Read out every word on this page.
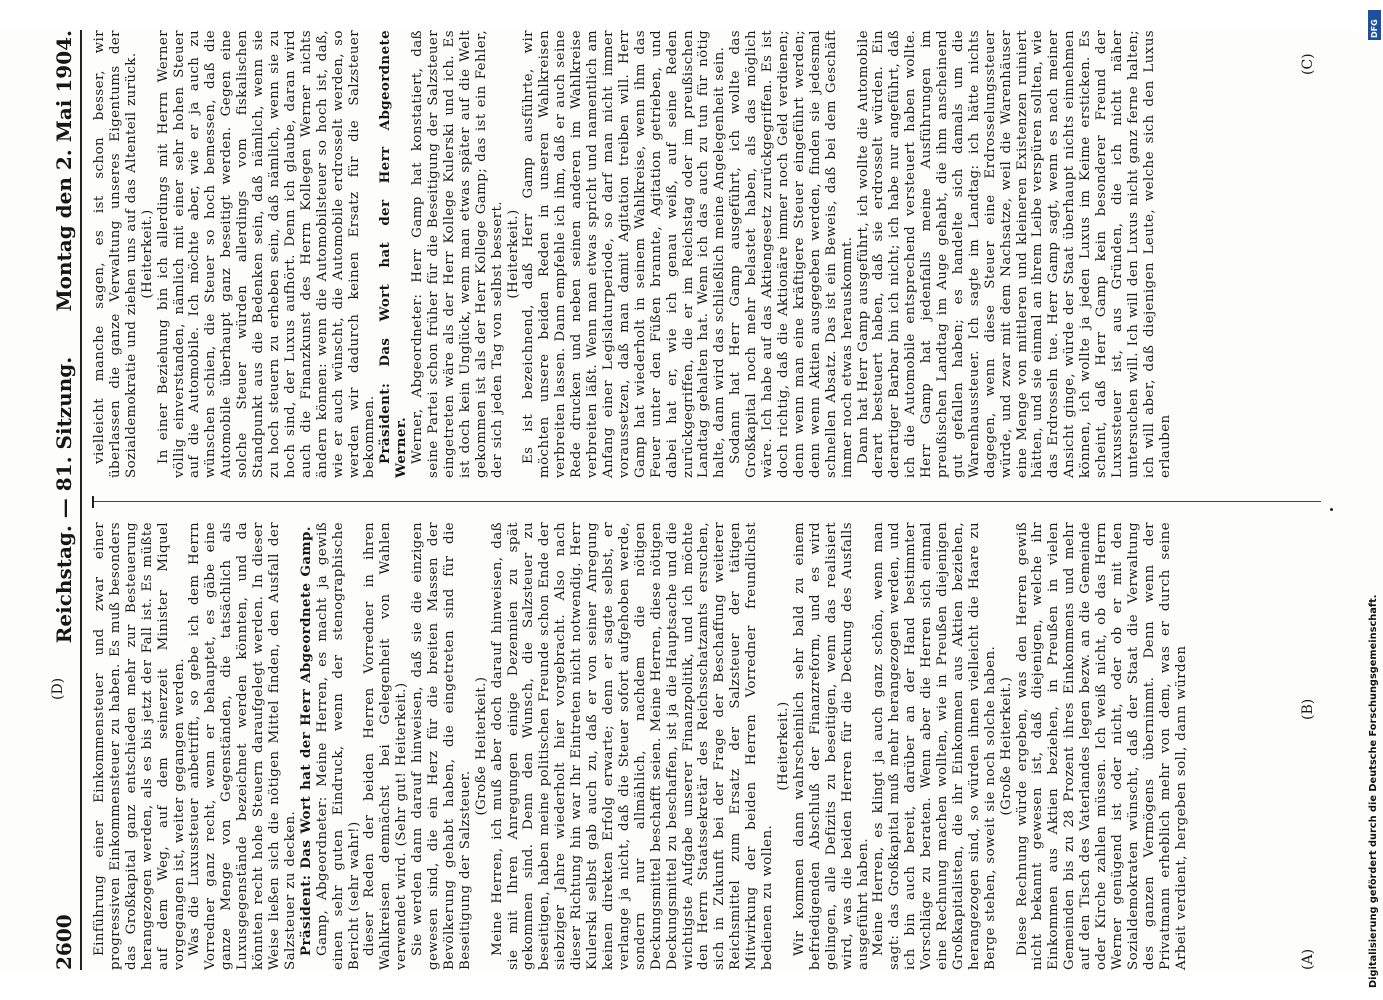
2600
Reichstag. — 81. Sitzung.
Montag den 2. Mai 1904.

Einführung einer Einkommensteuer und zwar einer progressiven Einkommensteuer zu haben. Es muß besonders das Großkapital ganz entschieden mehr zur Besteuerung herangezogen werden, als es bis jetzt der Fall ist. Es müßte auf dem Weg, auf dem seinerzeit Minister Miquel vorgegangen ist, weiter gegangen werden. Was die Luxussteuer anbetrifft, so gebe ich dem Herrn Vorredner ganz recht, wenn er behauptet, es gäbe eine ganze Menge von Gegenständen, die tatsächlich als Luxusgegenstände bezeichnet werden könnten, und da könnten recht hohe Steuern daraufgelegt werden. In dieser Weise ließen sich die nötigen Mittel finden, den Ausfall der Salzsteuer zu decken. Präsident: Das Wort hat der Herr Abgeordnete Gamp. Gamp, Abgeordneter: Meine Herren, es macht ja gewiß einen sehr guten Eindruck, wenn der stenographische Bericht (sehr wahr!) dieser Reden der beiden Herren Vorredner in ihren Wahlkreisen demnächst bei Gelegenheit von Wahlen verwendet wird. (Sehr gut! Heiterkeit.) Sie werden dann darauf hinweisen, daß sie die einzigen gewesen sind, die ein Herz für die breiten Massen der Bevölkerung gehabt haben, die eingetreten sind für die Beseitigung der Salzsteuer.

(Große Heiterkeit.) Meine Herren, ich muß aber doch darauf hinweisen, daß sie mit Ihren Anregungen einige Dezennien zu spät gekommen sind. Denn den Wunsch, die Salzsteuer zu beseitigen, haben meine politischen Freunde schon Ende der siebziger Jahre wiederholt hier vorgebracht. Also nach dieser Richtung hin war Ihr Eintreten nicht notwendig. Herr Kulerski selbst gab auch zu, daß er von seiner Anregung keinen direkten Erfolg erwarte; denn er sagte selbst, er verlange ja nicht, daß die Steuer sofort aufgehoben werde, sondern nur allmählich, nachdem die nötigen Deckungsmittel beschafft seien. Meine Herren, diese nötigen Deckungsmittel zu beschaffen, ist ja die Hauptsache und die wichtigste Aufgabe unserer Finanzpolitik, und ich möchte den Herrn Staatssekretär des Reichsschatzamts ersuchen, sich in Zukunft bei der Frage der Beschaffung weiterer Reichsmittel zum Ersatz der Salzsteuer der tätigen Mitwirkung der beiden Herren Vorredner freundlichst bedienen zu wollen.

(Heiterkeit.) Wir kommen dann wahrscheinlich sehr bald zu einem befriedigenden Abschluß der Finanzreform, und es wird gelingen, alle Defizits zu beseitigen, wenn das realisiert wird, was die beiden Herren für die Deckung des Ausfalls ausgeführt haben. Meine Herren, es klingt ja auch ganz schön, wenn man sagt: das Großkapital muß mehr herangezogen werden, und ich bin auch bereit, darüber an der Hand bestimmter Vorschläge zu beraten. Wenn aber die Herren sich einmal eine Rechnung machen wollten, wie in Preußen diejenigen Großkapitalisten, die ihr Einkommen aus Aktien beziehen, herangezogen sind, so würden ihnen vielleicht die Haare zu Berge stehen, soweit sie noch solche haben. (Große Heiterkeit.) Diese Rechnung würde ergeben, was den Herren gewiß nicht bekannt gewesen ist, daß diejenigen, welche ihr Einkommen aus Aktien beziehen, in Preußen in vielen Gemeinden bis zu 28 Prozent ihres Einkommens und mehr auf den Tisch des Vaterlandes legen bezw. an die Gemeinde oder Kirche zahlen müssen. Ich weiß nicht, ob das Herrn Werner genügend ist oder nicht, oder ob er mit den Sozialdemokraten wünscht, daß der Staat die Verwaltung des ganzen Vermögens übernimmt. Denn wenn der Privatmann erheblich mehr von dem, was er durch seine Arbeit verdient, hergeben soll, dann würden

vielleicht manche sagen, es ist schon besser, wir überlassen die ganze Verwaltung unseres Eigentums der Sozialdemokratie und ziehen uns auf das Altenteil zurück. (Heiterkeit.) In einer Beziehung bin ich allerdings mit Herrn Werner völlig einverstanden, nämlich mit einer sehr hohen Steuer auf die Automobile. Ich möchte aber, wie er ja auch zu wünschen schien, die Steuer so hoch bemessen, daß die Automobile überhaupt ganz beseitigt werden. Gegen eine solche Steuer würden allerdings vom fiskalischen Standpunkt aus die Bedenken sein, daß nämlich, wenn sie zu hoch steuern zu erheben sein, daß nämlich, wenn sie zu hoch sind, der Luxus aufhört. Denn ich glaube, daran wird auch die Finanzkunst des Herrn Kollegen Werner nichts ändern können: wenn die Automobilsteuer so hoch ist, daß, wie er auch wünscht, die Automobile erdrosselt werden, so werden wir dadurch keinen Ersatz für die Salzsteuer bekommen. Präsident: Das Wort hat der Herr Abgeordnete Werner. Werner, Abgeordneter: Herr Gamp hat konstatiert, daß seine Partei schon früher für die Beseitigung der Salzsteuer eingetreten wäre als der Herr Kollege Kulerski und ich. Es ist doch kein Unglück, wenn man etwas später auf die Welt gekommen ist als der Herr Kollege Gamp; das ist ein Fehler, der sich jeden Tag von selbst bessert. (Heiterkeit.) Es ist bezeichnend, daß Herr Gamp ausführte, wir möchten unsere beiden Reden in unseren Wahlkreisen verbreiten lassen. Dann empfehle ich ihm, daß er auch seine Rede drucken und neben seinen anderen im Wahlkreise verbreiten läßt. Wenn man etwas spricht und namentlich am Anfang einer Legislaturperiode, so darf man nicht immer voraussetzen, daß man damit Agitation treiben will. Herr Gamp hat wiederholt in seinem Wahlkreise, wenn ihm das Feuer unter den Füßen brannte, Agitation getrieben, und dabei hat er, wie ich genau weiß, auf seine Reden zurückgegriffen, die er im Reichstag oder im preußischen Landtag gehalten hat. Wenn ich das auch zu tun für nötig halte, dann wird das schließlich meine Angelegenheit sein. Sodann hat Herr Gamp ausgeführt, ich wollte das Großkapital noch mehr belastet haben, als das möglich wäre. Ich habe auf das Aktiengesetz zurückgegriffen. Es ist doch richtig, daß die Aktionäre immer noch Geld verdienen; denn wenn man eine kräftigere Steuer eingeführt werden; denn wenn Aktien ausgegeben werden, finden sie jedesmal schnellen Absatz. Das ist ein Beweis, daß bei dem Geschäft immer noch etwas herauskommt. Dann hat Herr Gamp ausgeführt, ich wollte die Automobile derart besteuert haben, daß sie erdrosselt würden. Ein derartiger Barbar bin ich nicht; ich habe nur angeführt, daß ich die Automobile entsprechend versteuert haben wollte. Herr Gamp hat jedenfalls meine Ausführungen im preußischen Landtag im Auge gehabt, die ihm anscheinend gut gefallen haben; es handelte sich damals um die Warenhaussteuer. Ich sagte im Landtag: ich hätte nichts dagegen, wenn diese Steuer eine Erdrosselungssteuer würde, und zwar mit dem Nachsatze, weil die Warenhäuser eine Menge von mittleren und kleineren Existenzen ruiniert hätten, und sie einmal an ihrem Leibe verspüren sollten, wie das Erdrosseln tue. Herr Gamp sagt, wenn es nach meiner Ansicht ginge, würde der Staat überhaupt nichts einnehmen können, ich wollte ja jeden Luxus im Keime ersticken. Es scheint, daß Herr Gamp kein besonderer Freund der Luxussteuer ist, aus Gründen, die ich nicht näher untersuchen will. Ich will den Luxus nicht ganz ferne halten; ich will aber, daß diejenigen Leute, welche sich den Luxus erlauben

(A)
(B)
(C)
(D)
DFG
Digitalisierung gefördert durch die Deutsche Forschungsgemeinschaft.
